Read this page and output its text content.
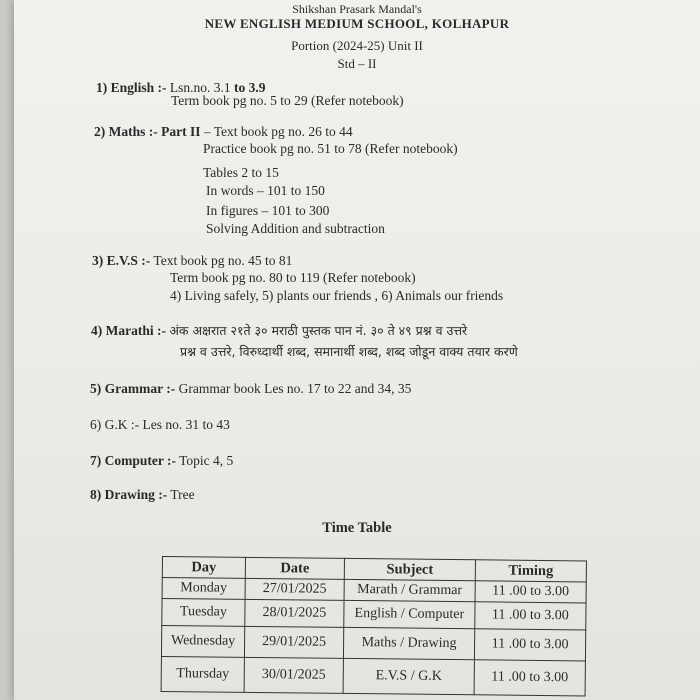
Shikshan Prasark Mandal's
NEW ENGLISH MEDIUM SCHOOL, KOLHAPUR
Portion (2024-25) Unit II
Std – II
1) English :- Lsn.no. 3.1 to 3.9
Term book pg no. 5 to 29 (Refer notebook)
2) Maths :- Part II – Text book pg no. 26 to 44
Practice book pg no. 51 to 78 (Refer notebook)
Tables 2 to 15
In words – 101 to 150
In figures – 101 to 300
Solving Addition and subtraction
3) E.V.S :- Text book pg no. 45 to 81
Term book pg no. 80 to 119 (Refer notebook)
4) Living safely, 5) plants our friends , 6) Animals our friends
4) Marathi :- अंक अक्षरात २१ते ३० मराठी पुस्तक पान नं. ३० ते ४९ प्रश्न व उत्तरे
प्रश्न व उत्तरे, विरुध्दार्थी शब्द, समानार्थी शब्द, शब्द जोडून वाक्य तयार करणे
5) Grammar :- Grammar book Les no. 17 to 22 and 34, 35
6) G.K :- Les no. 31 to 43
7) Computer :- Topic 4, 5
8) Drawing :- Tree
Time Table
Day	Date	Subject	Timing
Monday	27/01/2025	Marath / Grammar	11 .00 to 3.00
Tuesday	28/01/2025	English / Computer	11 .00 to 3.00
Wednesday	29/01/2025	Maths / Drawing	11 .00 to 3.00
Thursday	30/01/2025	E.V.S / G.K	11 .00 to 3.00
